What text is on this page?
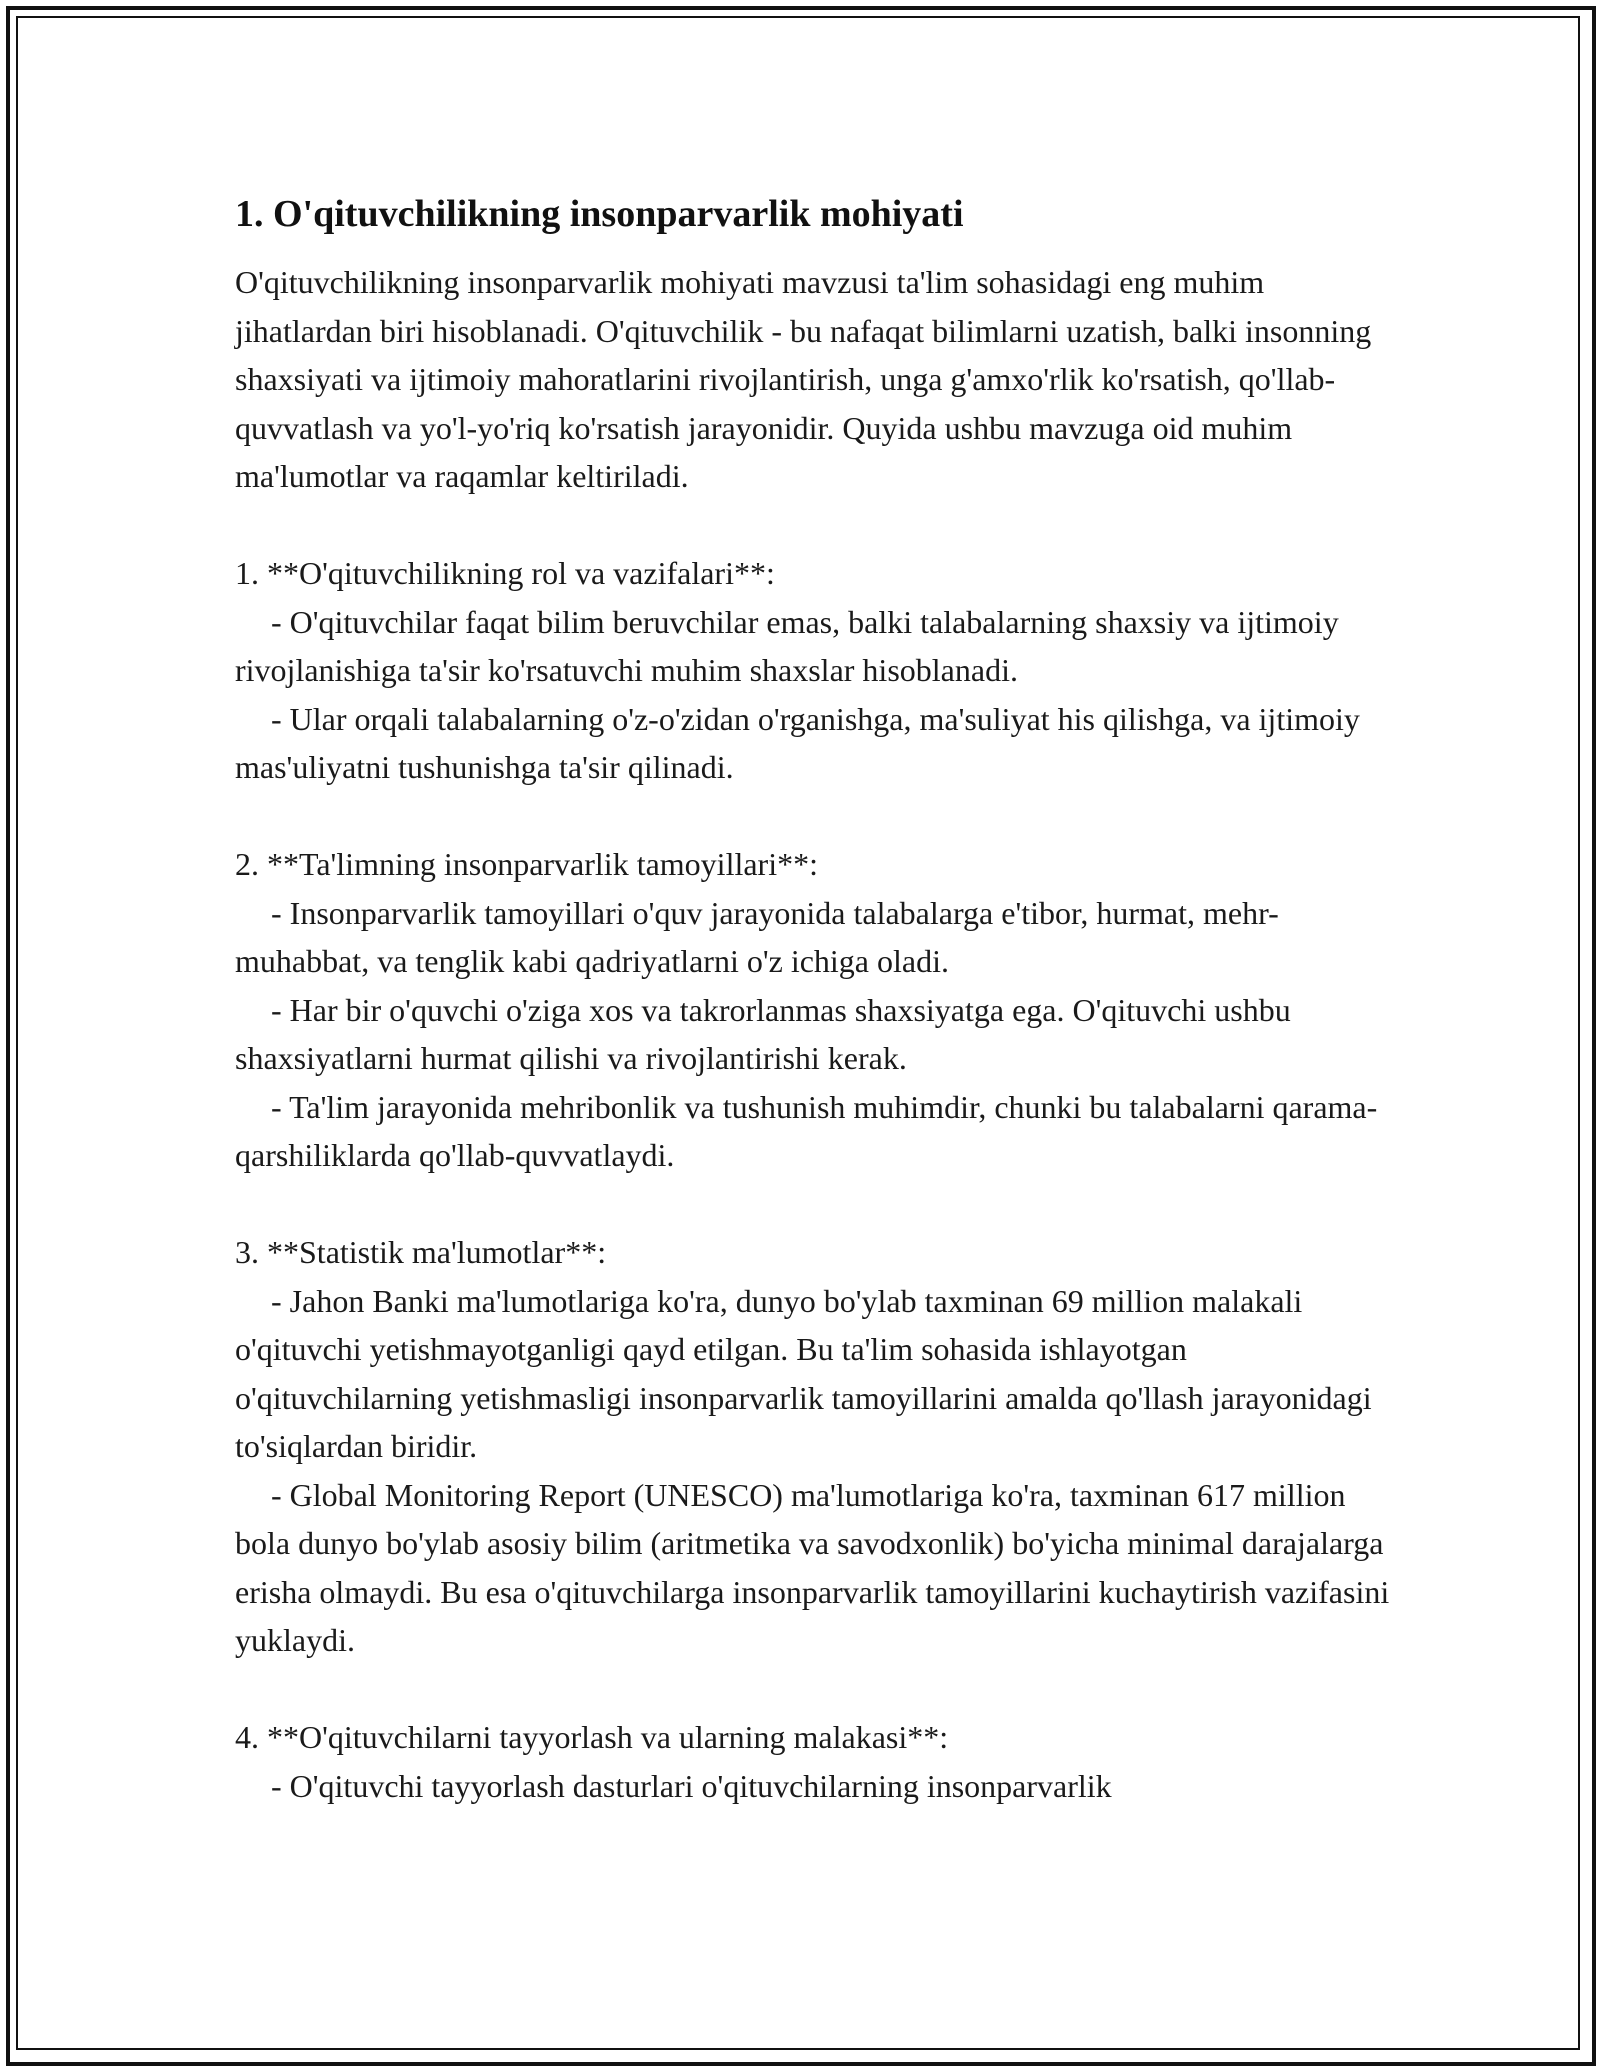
1. O'qituvchilikning insonparvarlik mohiyati

O'qituvchilikning insonparvarlik mohiyati mavzusi ta'lim sohasidagi eng muhim jihatlardan biri hisoblanadi. O'qituvchilik - bu nafaqat bilimlarni uzatish, balki insonning shaxsiyati va ijtimoiy mahoratlarini rivojlantirish, unga g'amxo'rlik ko'rsatish, qo'llab-quvvatlash va yo'l-yo'riq ko'rsatish jarayonidir. Quyida ushbu mavzuga oid muhim ma'lumotlar va raqamlar keltiriladi.

1. **O'qituvchilikning rol va vazifalari**:

- O'qituvchilar faqat bilim beruvchilar emas, balki talabalarning shaxsiy va ijtimoiy rivojlanishiga ta'sir ko'rsatuvchi muhim shaxslar hisoblanadi.

- Ular orqali talabalarning o'z-o'zidan o'rganishga, ma'suliyat his qilishga, va ijtimoiy mas'uliyatni tushunishga ta'sir qilinadi.

2. **Ta'limning insonparvarlik tamoyillari**:

- Insonparvarlik tamoyillari o'quv jarayonida talabalarga e'tibor, hurmat, mehr-muhabbat, va tenglik kabi qadriyatlarni o'z ichiga oladi.

- Har bir o'quvchi o'ziga xos va takrorlanmas shaxsiyatga ega. O'qituvchi ushbu shaxsiyatlarni hurmat qilishi va rivojlantirishi kerak.

- Ta'lim jarayonida mehribonlik va tushunish muhimdir, chunki bu talabalarni qarama-qarshiliklarda qo'llab-quvvatlaydi.

3. **Statistik ma'lumotlar**:

- Jahon Banki ma'lumotlariga ko'ra, dunyo bo'ylab taxminan 69 million malakali o'qituvchi yetishmayotganligi qayd etilgan. Bu ta'lim sohasida ishlayotgan o'qituvchilarning yetishmasligi insonparvarlik tamoyillarini amalda qo'llash jarayonidagi to'siqlardan biridir.

- Global Monitoring Report (UNESCO) ma'lumotlariga ko'ra, taxminan 617 million bola dunyo bo'ylab asosiy bilim (aritmetika va savodxonlik) bo'yicha minimal darajalarga erisha olmaydi. Bu esa o'qituvchilarga insonparvarlik tamoyillarini kuchaytirish vazifasini yuklaydi.

4. **O'qituvchilarni tayyorlash va ularning malakasi**:

- O'qituvchi tayyorlash dasturlari o'qituvchilarning insonparvarlik
